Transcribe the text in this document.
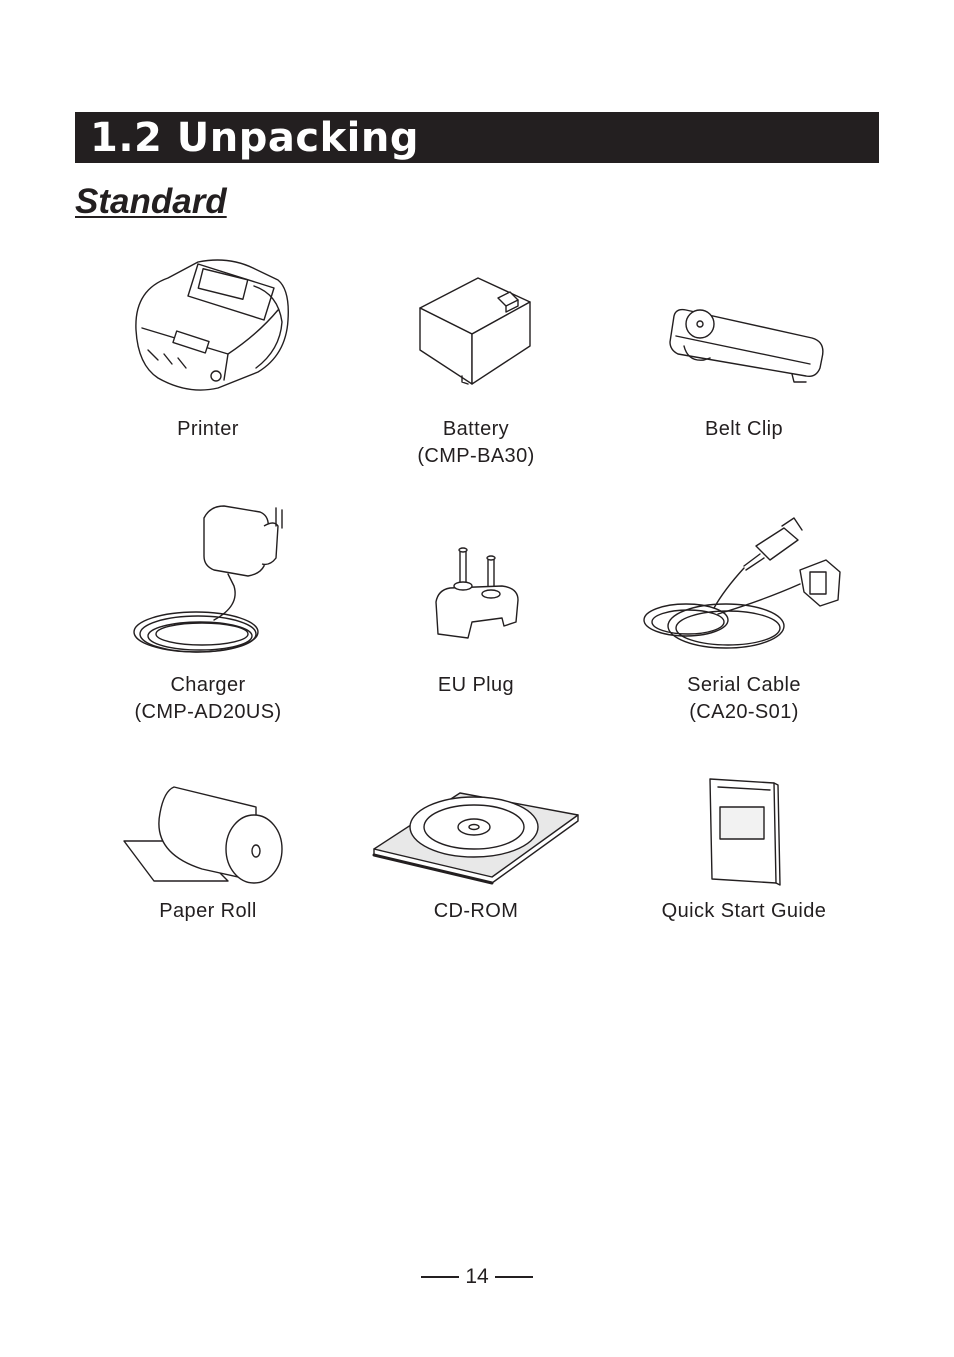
1.2 Unpacking
Standard
Printer	Battery
(CMP-BA30)
Belt Clip
Charger
(CMP-AD20US)
EU Plug	Serial Cable
(CA20-S01)
Paper Roll	CD-ROM	Quick Start Guide
14
